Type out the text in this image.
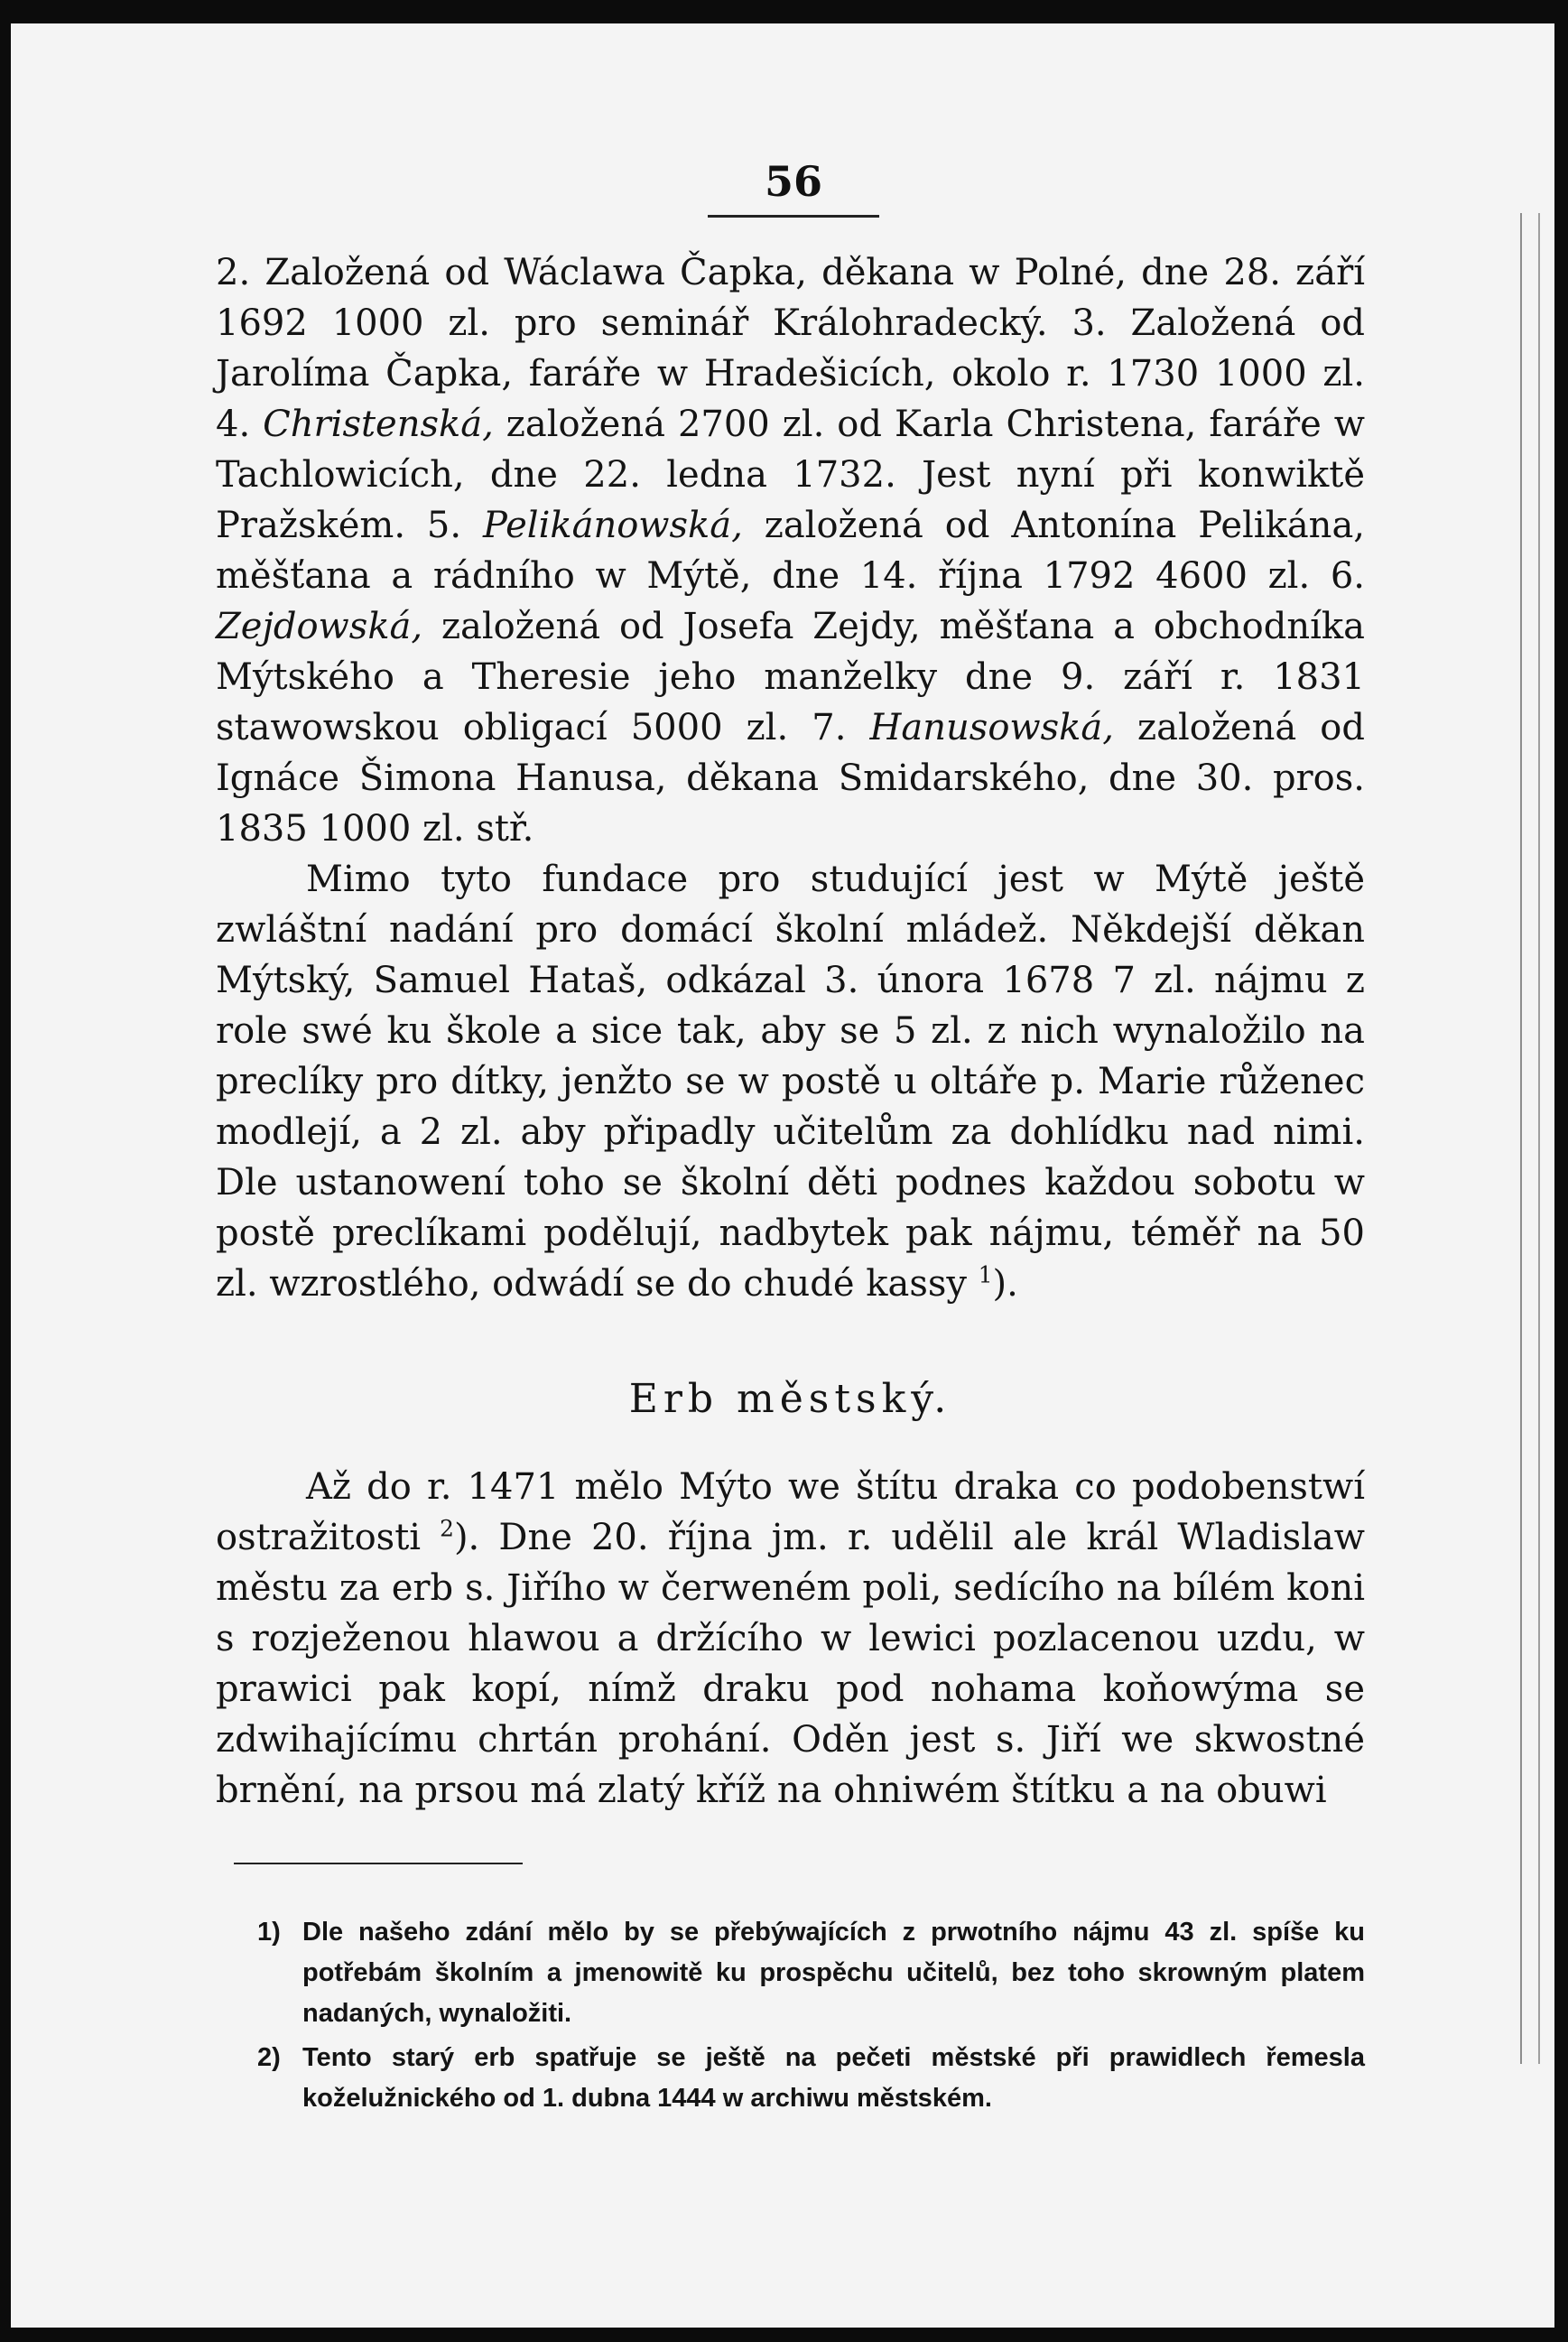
56

2. Založená od Wáclawa Čapka, děkana w Polné, dne 28. září 1692 1000 zl. pro seminář Králohradecký. 3. Založená od Jarolíma Čapka, faráře w Hradešicích, okolo r. 1730 1000 zl. 4. Christenská, založená 2700 zl. od Karla Christena, faráře w Tachlowicích, dne 22. ledna 1732. Jest nyní při konwiktě Pražském. 5. Pelikánowská, založená od Antonína Pelikána, měšťana a rádního w Mýtě, dne 14. října 1792 4600 zl. 6. Zejdowská, založená od Josefa Zejdy, měšťana a obchodníka Mýtského a Theresie jeho manželky dne 9. září r. 1831 stawowskou obligací 5000 zl. 7. Hanusowská, založená od Ignáce Šimona Hanusa, děkana Smidarského, dne 30. pros. 1835 1000 zl. stř.

Mimo tyto fundace pro studující jest w Mýtě ještě zwláštní nadání pro domácí školní mládež. Někdejší děkan Mýtský, Samuel Hataš, odkázal 3. února 1678 7 zl. nájmu z role swé ku škole a sice tak, aby se 5 zl. z nich wynaložilo na preclíky pro dítky, jenžto se w postě u oltáře p. Marie růženec modlejí, a 2 zl. aby připadly učitelům za dohlídku nad nimi. Dle ustanowení toho se školní děti podnes každou sobotu w postě preclíkami podělují, nadbytek pak nájmu, téměř na 50 zl. wzrostlého, odwádí se do chudé kassy $^1$).

Erb městský.

Až do r. 1471 mělo Mýto we štítu draka co podobenstwí ostražitosti $^2$). Dne 20. října jm. r. udělil ale král Wladislaw městu za erb s. Jiřího w čerweném poli, sedícího na bílém koni s rozježenou hlawou a držícího w lewici pozlacenou uzdu, w prawici pak kopí, nímž draku pod nohama koňowýma se zdwihajícímu chrtán prohání. Oděn jest s. Jiří we skwostné brnění, na prsou má zlatý kříž na ohniwém štítku a na obuwi

1) Dle našeho zdání mělo by se přebýwajících z prwotního nájmu 43 zl. spíše ku potřebám školním a jmenowitě ku prospěchu učitelů, bez toho skrowným platem nadaných, wynaložiti.

2) Tento starý erb spatřuje se ještě na pečeti městské při prawidlech řemesla koželužnického od 1. dubna 1444 w archiwu městském.
